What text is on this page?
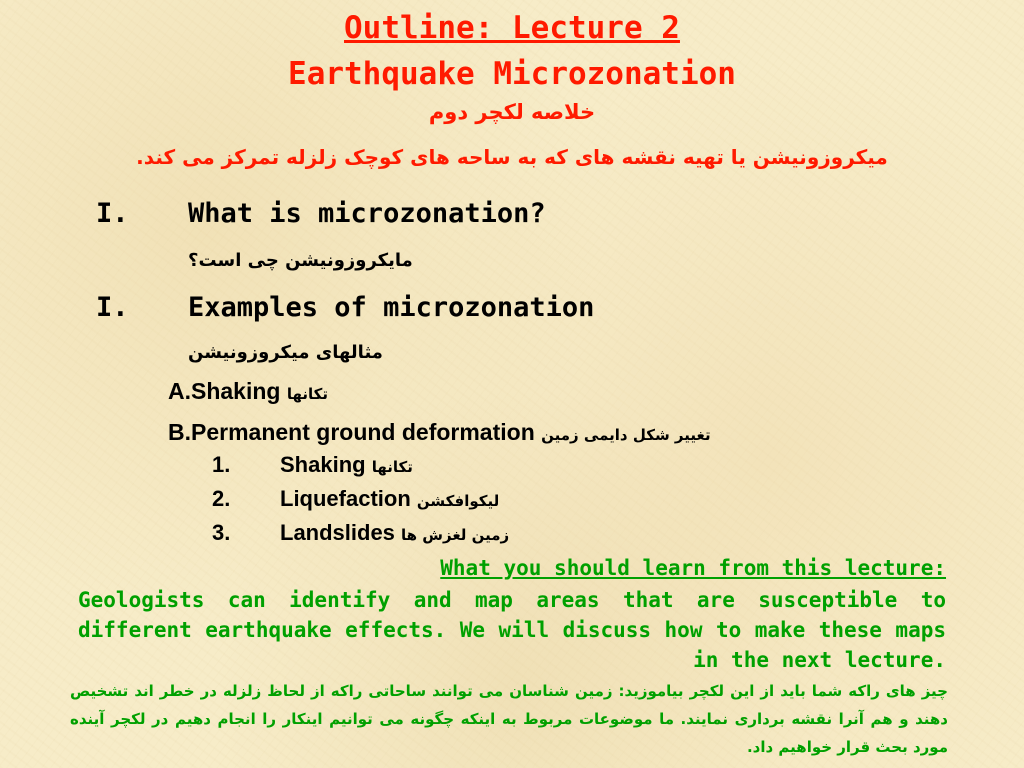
Outline: Lecture 2
Earthquake Microzonation
خلاصه لکچر دوم
میکروزونیشن یا تهیه نقشه های که به ساحه های کوچک زلزله تمرکز می کند.
I. What is microzonation?
مایکروزونیشن چی است؟
I. Examples of microzonation
مثالهای میکروزونیشن
A.Shaking تکانها
B.Permanent ground deformation تغییر شکل دایمی زمین
1. Shaking تکانها
2. Liquefaction لیکوافکشن
3. Landslides زمین لغزش ها
What you should learn from this lecture:
Geologists can identify and map areas that are susceptible to different earthquake effects. We will discuss how to make these maps in the next lecture.
چیز های راکه شما باید از این لکچر بیاموزید: زمین شناسان می توانند ساحاتی راکه از لحاظ زلزله در خطر اند تشخیص دهند و هم آنرا نقشه برداری نمایند. ما موضوعات مربوط به اینکه چگونه می توانیم اینکار را انجام دهیم در لکچر آینده مورد بحث قرار خواهیم داد.
